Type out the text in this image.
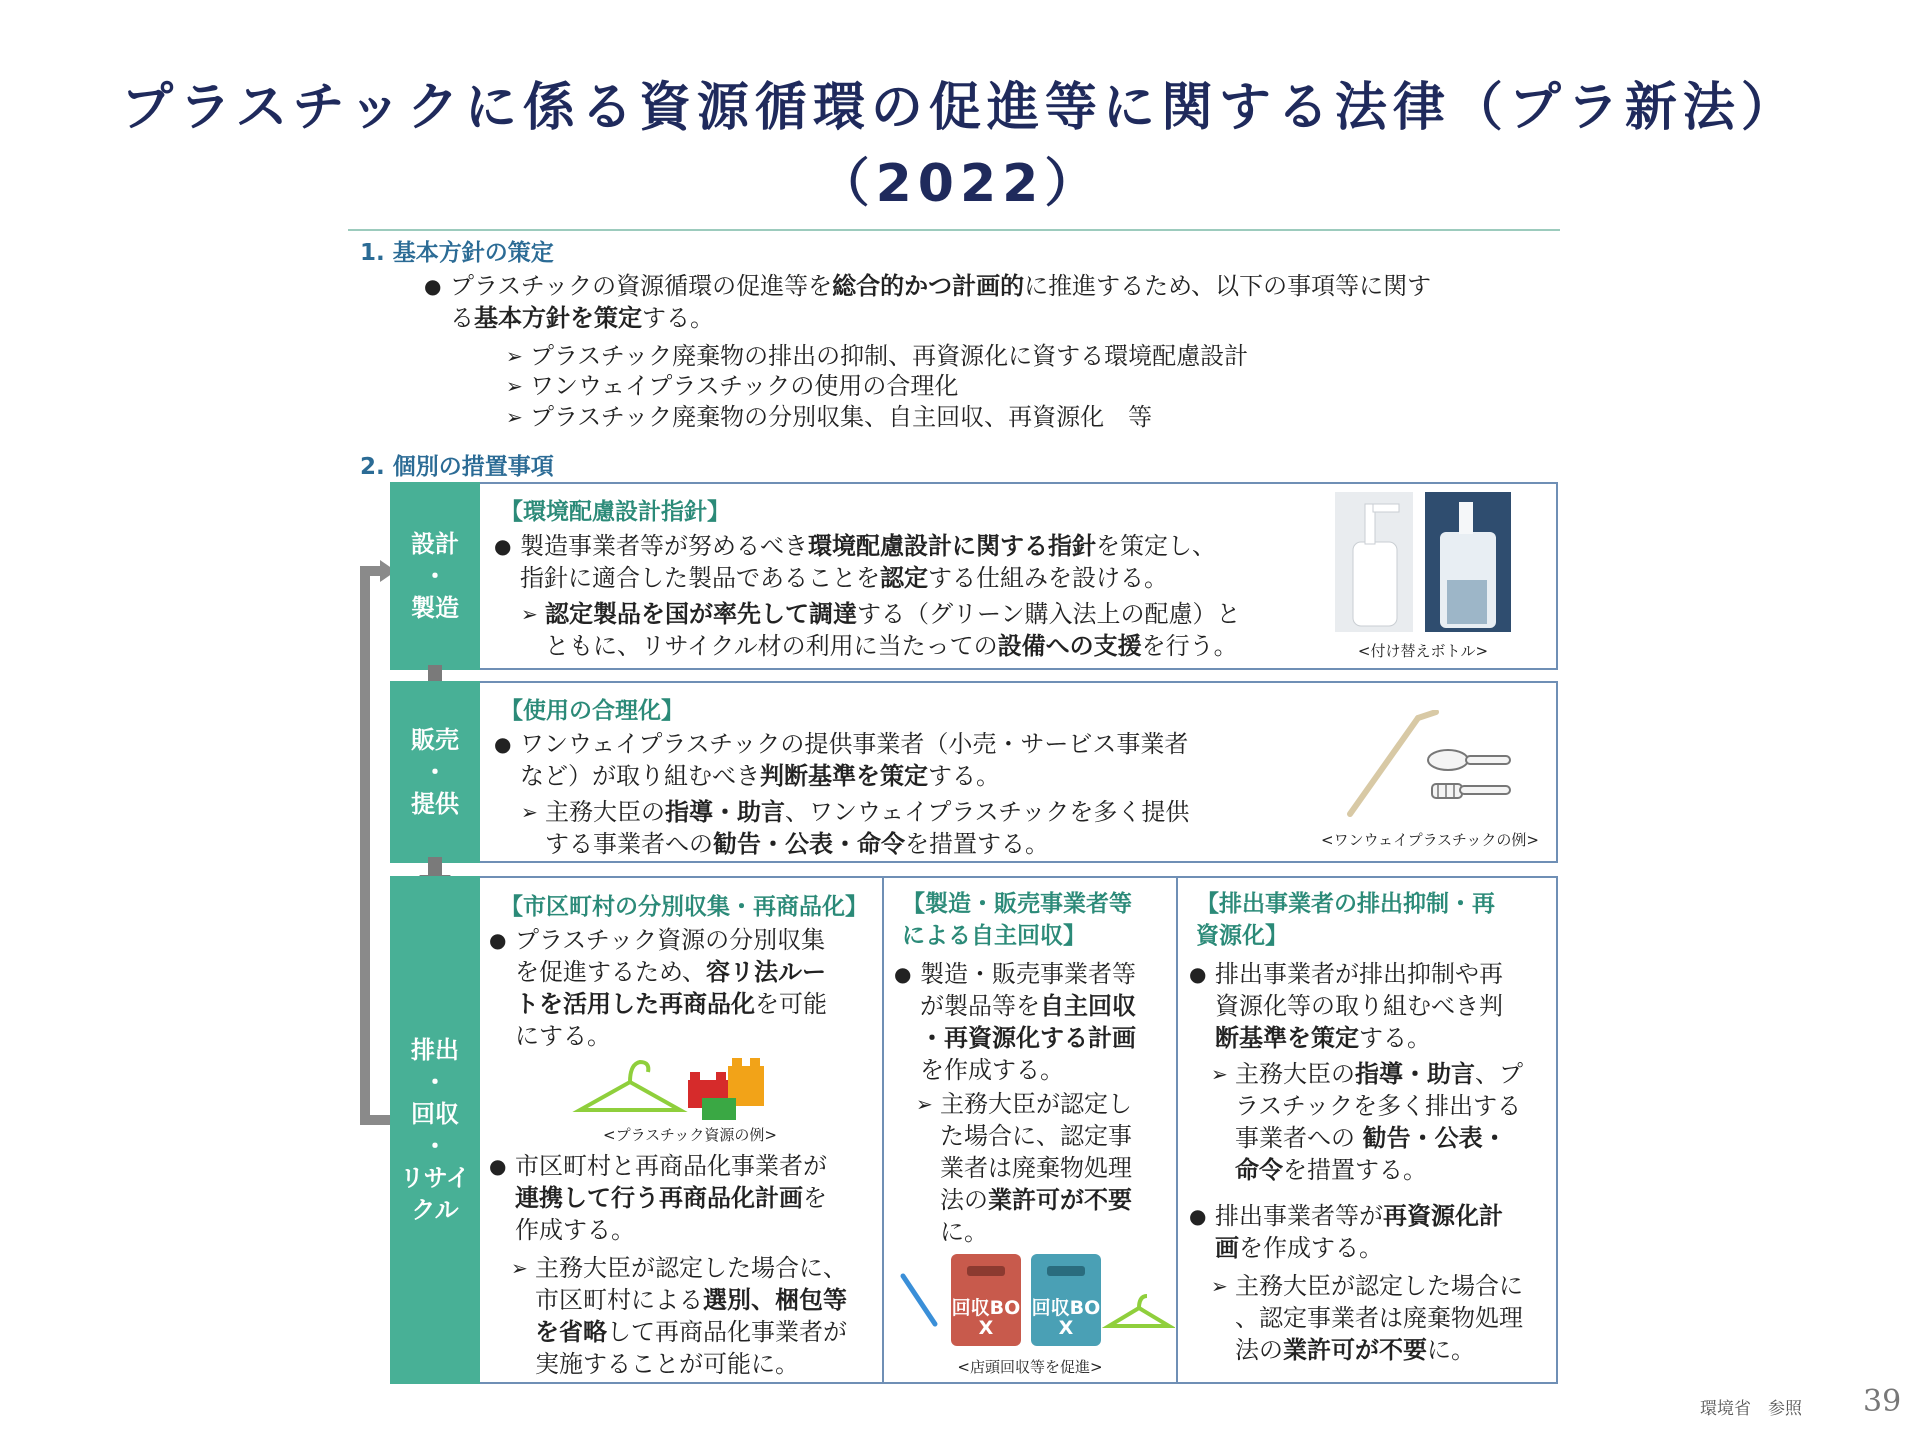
プラスチックに係る資源循環の促進等に関する法律（プラ新法）
（2022）
1. 基本方針の策定
● プラスチックの資源循環の促進等を総合的かつ計画的に推進するため、以下の事項等に関す
る基本方針を策定する。
➢ プラスチック廃棄物の排出の抑制、再資源化に資する環境配慮設計
➢ ワンウェイプラスチックの使用の合理化
➢ プラスチック廃棄物の分別収集、自主回収、再資源化　等
2. 個別の措置事項
設計
・
製造
【環境配慮設計指針】
● 製造事業者等が努めるべき環境配慮設計に関する指針を策定し、
指針に適合した製品であることを認定する仕組みを設ける。
➢ 認定製品を国が率先して調達する（グリーン購入法上の配慮）と
ともに、リサイクル材の利用に当たっての設備への支援を行う。	<付け替えボトル>
販売
・
提供
【使用の合理化】
● ワンウェイプラスチックの提供事業者（小売・サービス事業者
など）が取り組むべき判断基準を策定する。
➢ 主務大臣の指導・助言、ワンウェイプラスチックを多く提供
する事業者への勧告・公表・命令を措置する。	<ワンウェイプラスチックの例>
排出
・
回収
・
リサイ
クル
【市区町村の分別収集・再商品化】
● プラスチック資源の分別収集
を促進するため、容リ法ルー
トを活用した再商品化を可能
にする。
<プラスチック資源の例>
● 市区町村と再商品化事業者が
連携して行う再商品化計画を
作成する。
➢ 主務大臣が認定した場合に、
市区町村による選別、梱包等
を省略して再商品化事業者が
実施することが可能に。
【製造・販売事業者等
による自主回収】
● 製造・販売事業者等
が製品等を自主回収
・再資源化する計画
を作成する。
➢ 主務大臣が認定し
た場合に、認定事
業者は廃棄物処理
法の業許可が不要
に。
回収BOX
回収BOX
<店頭回収等を促進>
【排出事業者の排出抑制・再
資源化】
● 排出事業者が排出抑制や再
資源化等の取り組むべき判
断基準を策定する。
➢ 主務大臣の指導・助言、プ
ラスチックを多く排出する
事業者への 勧告・公表・
命令を措置する。
● 排出事業者等が再資源化計
画を作成する。
➢ 主務大臣が認定した場合に
、認定事業者は廃棄物処理
法の業許可が不要に。
環境省　参照 39
